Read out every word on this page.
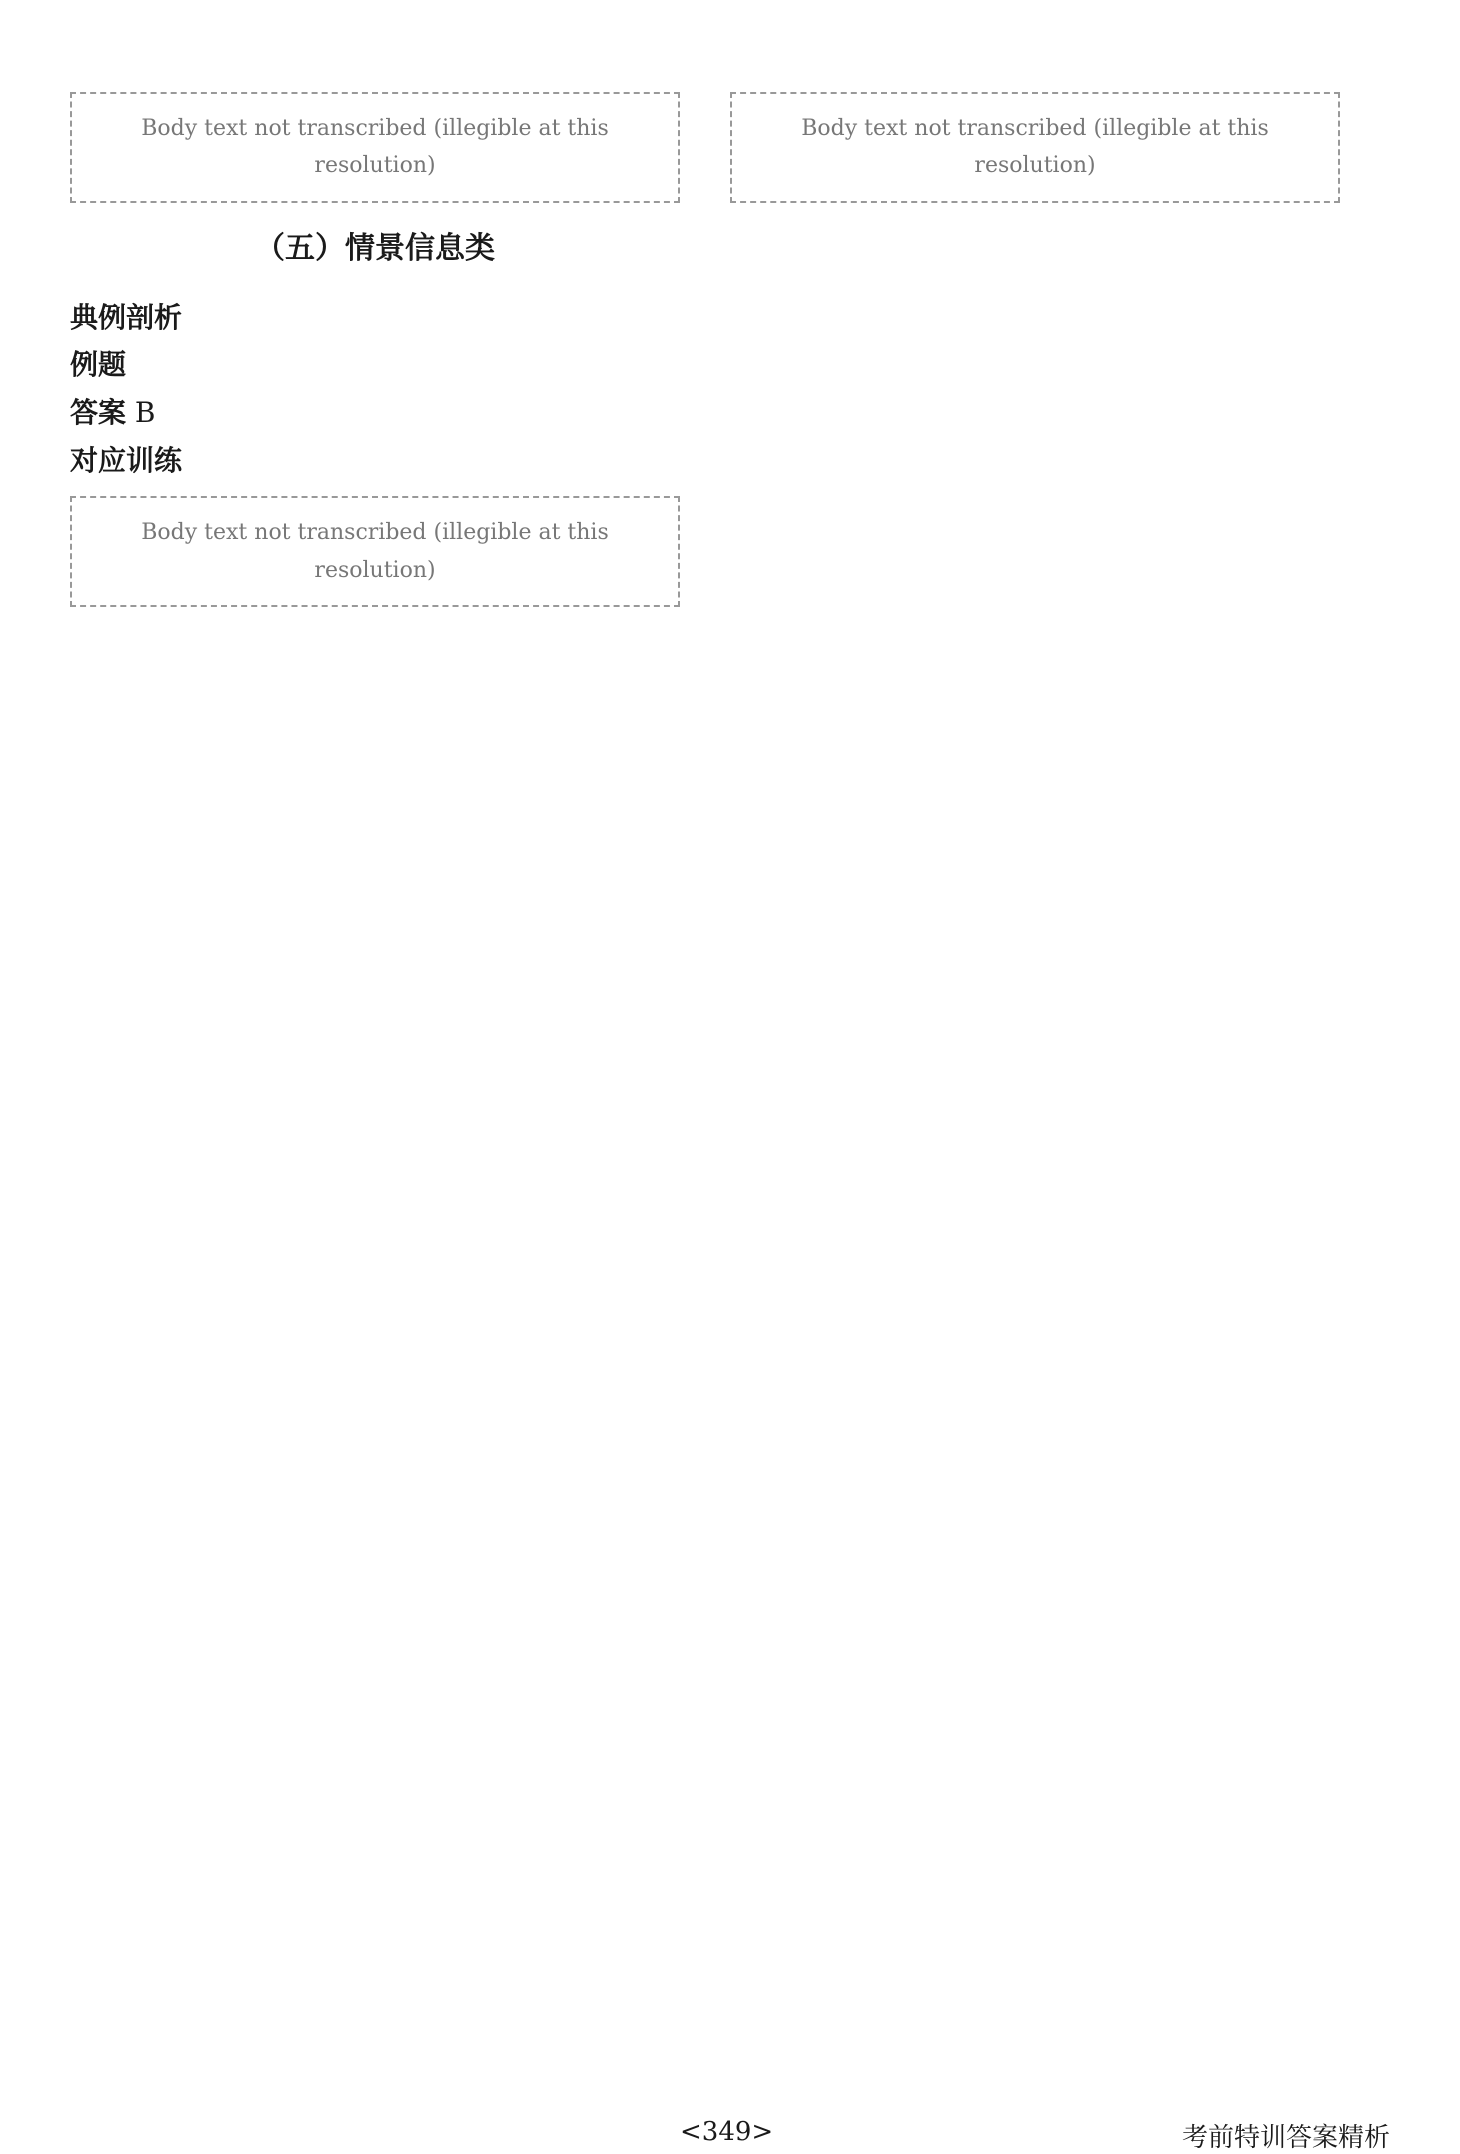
Body text not transcribed (illegible at this resolution)
（五）情景信息类
典例剖析
例题
答案 B
对应训练
Body text not transcribed (illegible at this resolution)
Body text not transcribed (illegible at this resolution)
<349>	考前特训答案精析
